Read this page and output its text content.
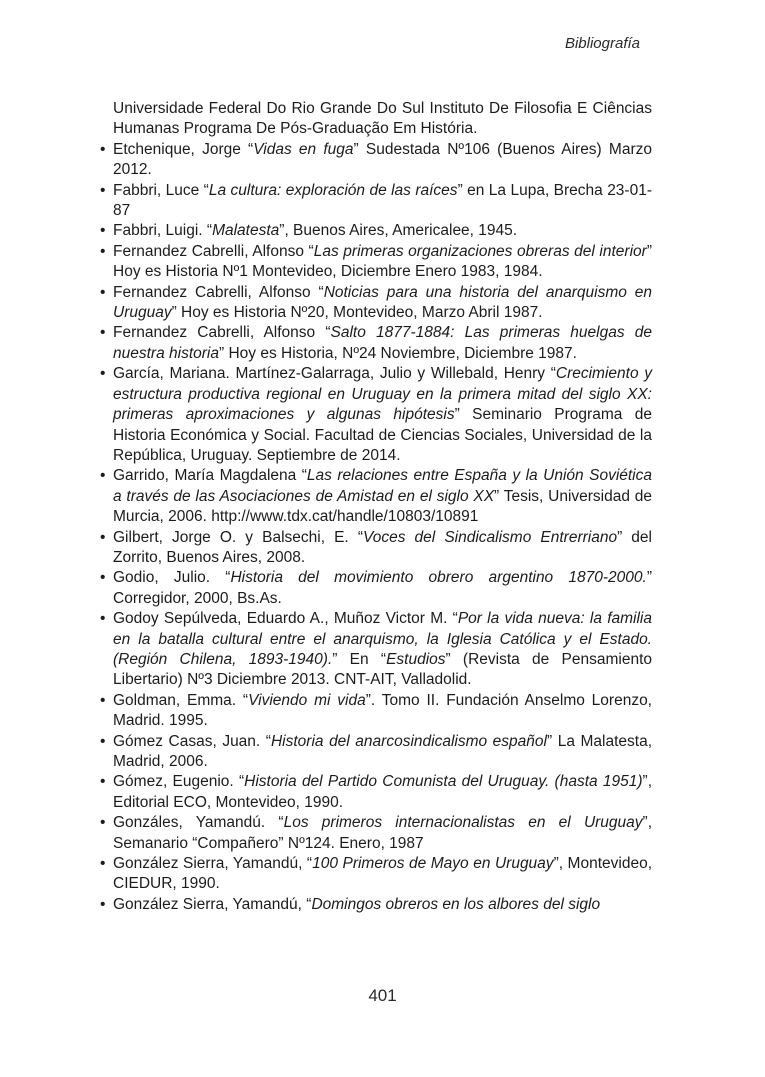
Bibliografía

Universidade Federal Do Rio Grande Do Sul Instituto De Filosofia E Ciências Humanas Programa De Pós-Graduação Em História.

• Etchenique, Jorge “Vidas en fuga” Sudestada Nº106 (Buenos Aires) Marzo 2012.
• Fabbri, Luce “La cultura: exploración de las raíces” en La Lupa, Brecha 23-01-87
• Fabbri, Luigi. “Malatesta”, Buenos Aires, Americalee, 1945.
• Fernandez Cabrelli, Alfonso “Las primeras organizaciones obreras del interior” Hoy es Historia Nº1 Montevideo, Diciembre Enero 1983, 1984.
• Fernandez Cabrelli, Alfonso “Noticias para una historia del anarquismo en Uruguay” Hoy es Historia Nº20, Montevideo, Marzo Abril 1987.
• Fernandez Cabrelli, Alfonso “Salto 1877-1884: Las primeras huelgas de nuestra historia” Hoy es Historia, Nº24 Noviembre, Diciembre 1987.
• García, Mariana. Martínez-Galarraga, Julio y Willebald, Henry “Crecimiento y estructura productiva regional en Uruguay en la primera mitad del siglo XX: primeras aproximaciones y algunas hipótesis” Seminario Programa de Historia Económica y Social. Facultad de Ciencias Sociales, Universidad de la República, Uruguay. Septiembre de 2014.
• Garrido, María Magdalena “Las relaciones entre España y la Unión Soviética a través de las Asociaciones de Amistad en el siglo XX” Tesis, Universidad de Murcia, 2006. http://www.tdx.cat/handle/10803/10891
• Gilbert, Jorge O. y Balsechi, E. “Voces del Sindicalismo Entrerriano” del Zorrito, Buenos Aires, 2008.
• Godio, Julio. “Historia del movimiento obrero argentino 1870-2000.” Corregidor, 2000, Bs.As.
• Godoy Sepúlveda, Eduardo A., Muñoz Victor M. “Por la vida nueva: la familia en la batalla cultural entre el anarquismo, la Iglesia Católica y el Estado. (Región Chilena, 1893-1940).” En “Estudios” (Revista de Pensamiento Libertario) Nº3 Diciembre 2013. CNT-AIT, Valladolid.
• Goldman, Emma. “Viviendo mi vida”. Tomo II. Fundación Anselmo Lorenzo, Madrid. 1995.
• Gómez Casas, Juan. “Historia del anarcosindicalismo español” La Malatesta, Madrid, 2006.
• Gómez, Eugenio. “Historia del Partido Comunista del Uruguay. (hasta 1951)”, Editorial ECO, Montevideo, 1990.
• Gonzáles, Yamandú. “Los primeros internacionalistas en el Uruguay”, Semanario “Compañero” Nº124. Enero, 1987
• González Sierra, Yamandú, “100 Primeros de Mayo en Uruguay”, Montevideo, CIEDUR, 1990.
• González Sierra, Yamandú, “Domingos obreros en los albores del siglo
401
